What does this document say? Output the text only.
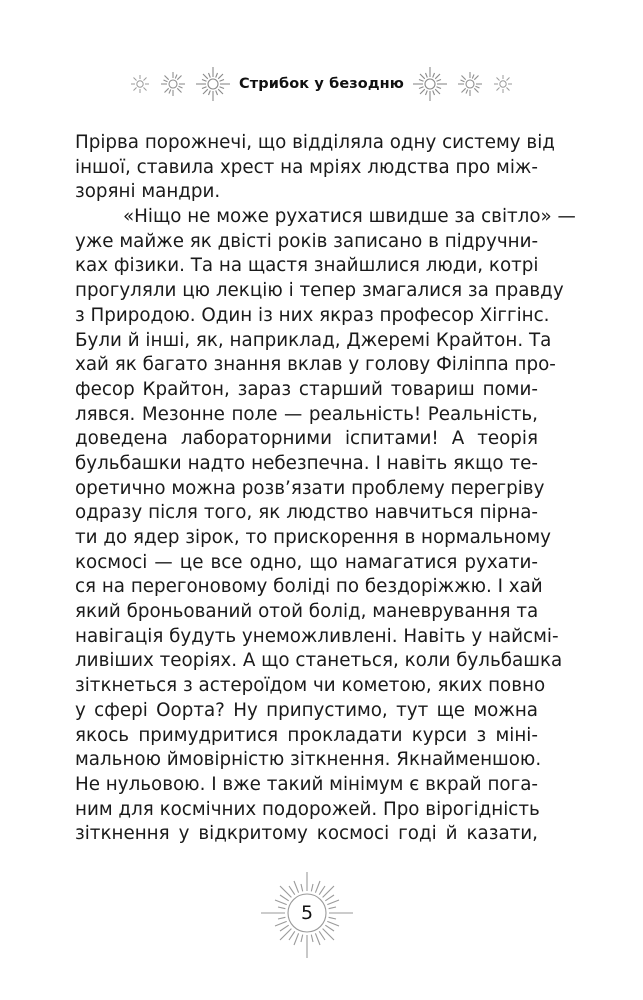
Стрибок у безодню
Прірва порожнечі, що відділяла одну систему від
іншої, ставила хрест на мріях людства про між-
зоряні мандри.
«Ніщо не може рухатися швидше за світло» —
уже майже як двісті років записано в підручни-
ках фізики. Та на щастя знайшлися люди, котрі
прогуляли цю лекцію і тепер змагалися за правду
з Природою. Один із них якраз професор Хіггінс.
Були й інші, як, наприклад, Джеремі Крайтон. Та
хай як багато знання вклав у голову Філіппа про-
фесор Крайтон, зараз старший товариш поми-
лявся. Мезонне поле — реальність! Реальність,
доведена лабораторними іспитами! А теорія
бульбашки надто небезпечна. І навіть якщо те-
оретично можна розв’язати проблему перегріву
одразу після того, як людство навчиться пірна-
ти до ядер зірок, то прискорення в нормальному
космосі — це все одно, що намагатися рухати-
ся на перегоновому боліді по бездоріжжю. І хай
який броньований отой болід, маневрування та
навігація будуть унеможливлені. Навіть у найсмі-
ливіших теоріях. А що станеться, коли бульбашка
зіткнеться з астероїдом чи кометою, яких повно
у сфері Оорта? Ну припустимо, тут ще можна
якось примудритися прокладати курси з міні-
мальною ймовірністю зіткнення. Якнайменшою.
Не нульовою. І вже такий мінімум є вкрай пога-
ним для космічних подорожей. Про вірогідність
зіткнення у відкритому космосі годі й казати,
5
